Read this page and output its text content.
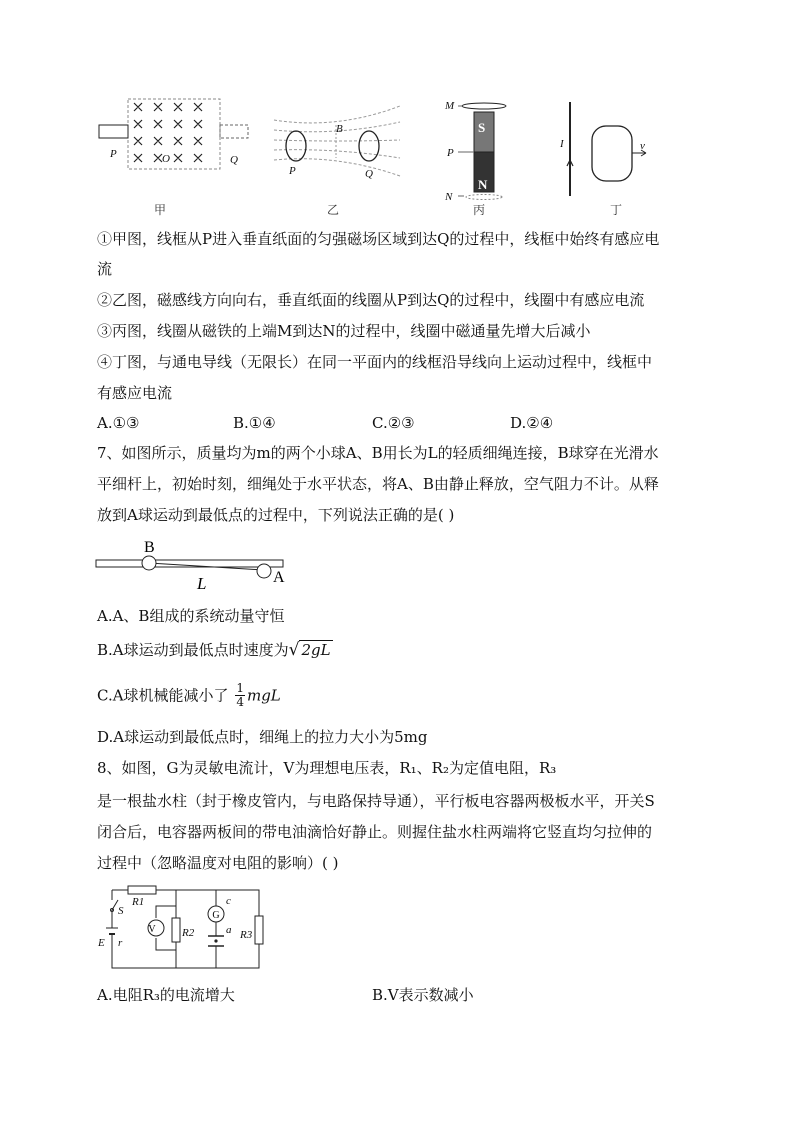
P	O	Q
甲
B
P	Q
乙
S
N
M
P
N
丙
I	v
丁
①甲图，线框从P进入垂直纸面的匀强磁场区域到达Q的过程中，线框中始终有感应电
流
②乙图，磁感线方向向右，垂直纸面的线圈从P到达Q的过程中，线圈中有感应电流
③丙图，线圈从磁铁的上端M到达N的过程中，线圈中磁通量先增大后减小
④丁图，与通电导线（无限长）在同一平面内的线框沿导线向上运动过程中，线框中
有感应电流
A.①③	B.①④	C.②③	D.②④
7、如图所示，质量均为m的两个小球A、B用长为L的轻质细绳连接，B球穿在光滑水
平细杆上，初始时刻，细绳处于水平状态，将A、B由静止释放，空气阻力不计。从释
放到A球运动到最低点的过程中，下列说法正确的是( )
B
A
L
A.A、B组成的系统动量守恒
B.A球运动到最低点时速度为√ 2gL
C.A球机械能减小了 $\frac{1}{4}$ mgL
D.A球运动到最低点时，细绳上的拉力大小为5mg
8、如图，G为灵敏电流计，V为理想电压表，R₁、R₂为定值电阻，R₃
是一根盐水柱（封于橡皮管内，与电路保持导通），平行板电容器两极板水平，开关S
闭合后，电容器两板间的带电油滴恰好静止。则握住盐水柱两端将它竖直均匀拉伸的
过程中（忽略温度对电阻的影响）( )
V
G
R1
R2	R3
S
E r
c
a
A.电阻R₃的电流增大	B.V表示数减小
